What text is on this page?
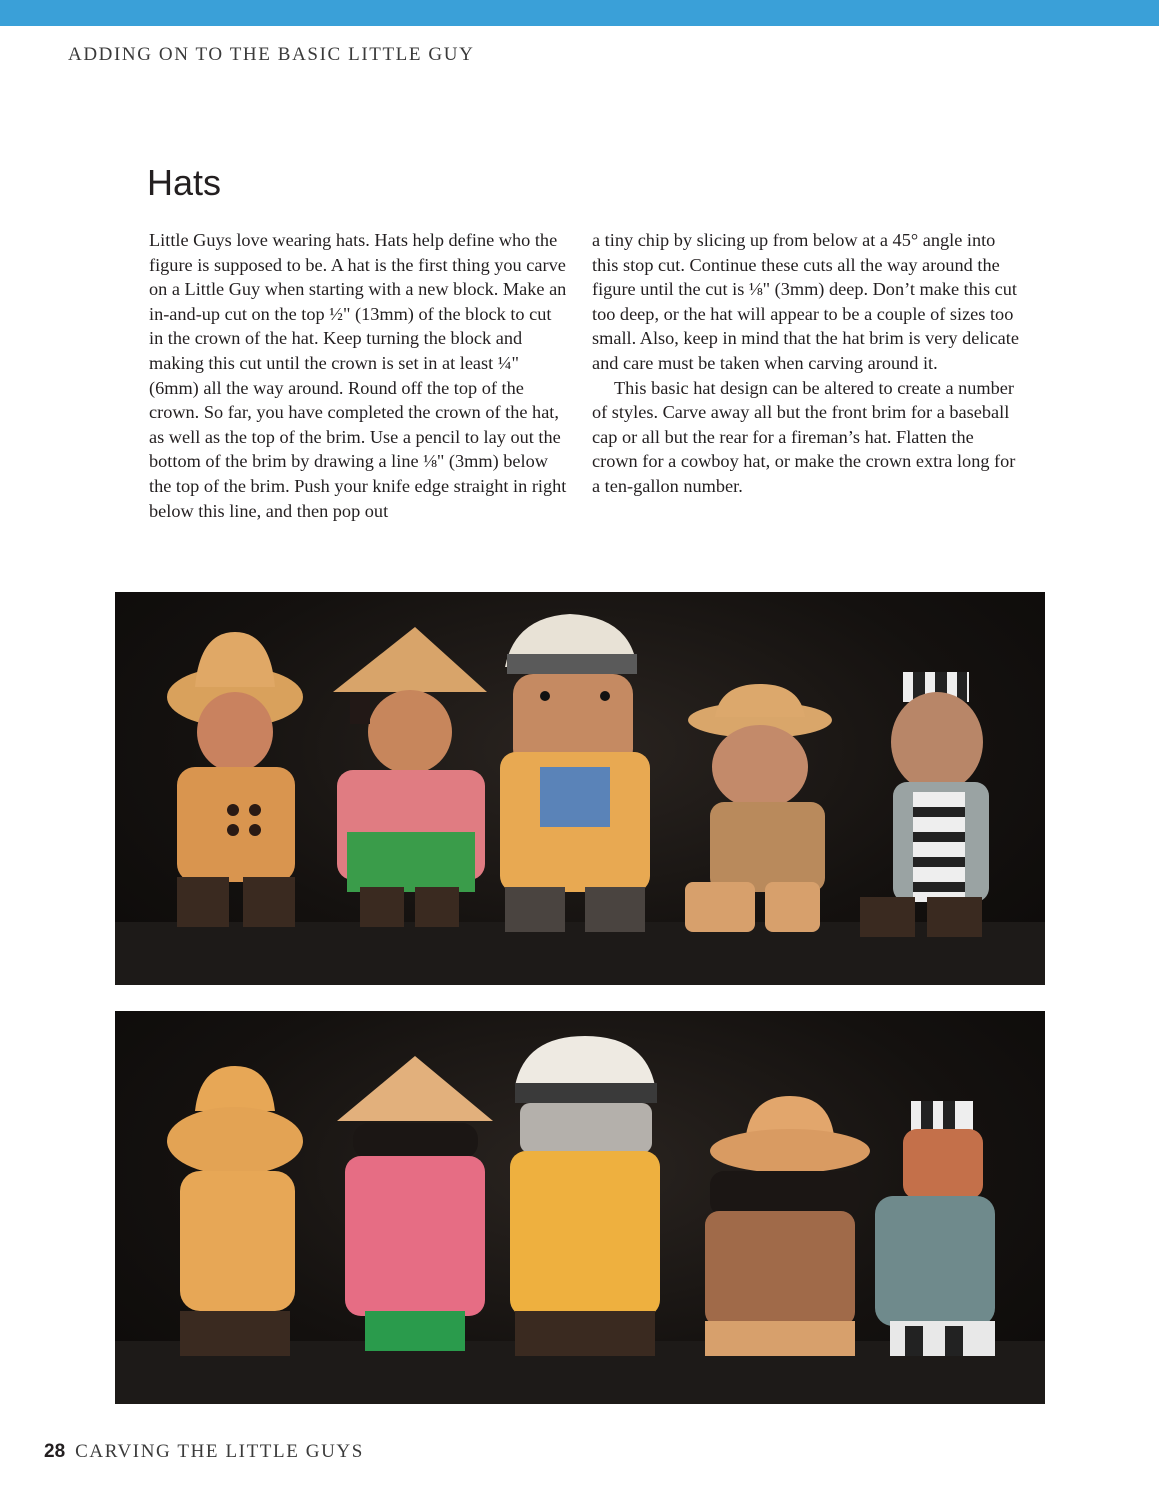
ADDING ON TO THE BASIC LITTLE GUY
Hats

Little Guys love wearing hats. Hats help define who the figure is supposed to be. A hat is the first thing you carve on a Little Guy when starting with a new block. Make an in-and-up cut on the top ½" (13mm) of the block to cut in the crown of the hat. Keep turning the block and making this cut until the crown is set in at least ¼" (6mm) all the way around. Round off the top of the crown. So far, you have completed the crown of the hat, as well as the top of the brim. Use a pencil to lay out the bottom of the brim by drawing a line ⅛" (3mm) below the top of the brim. Push your knife edge straight in right below this line, and then pop out

a tiny chip by slicing up from below at a 45° angle into this stop cut. Continue these cuts all the way around the figure until the cut is ⅛" (3mm) deep. Don’t make this cut too deep, or the hat will appear to be a couple of sizes too small. Also, keep in mind that the hat brim is very delicate and care must be taken when carving around it.

This basic hat design can be altered to create a number of styles. Carve away all but the front brim for a baseball cap or all but the rear for a fireman’s hat. Flatten the crown for a cowboy hat, or make the crown extra long for a ten-gallon number.

28 CARVING THE LITTLE GUYS
